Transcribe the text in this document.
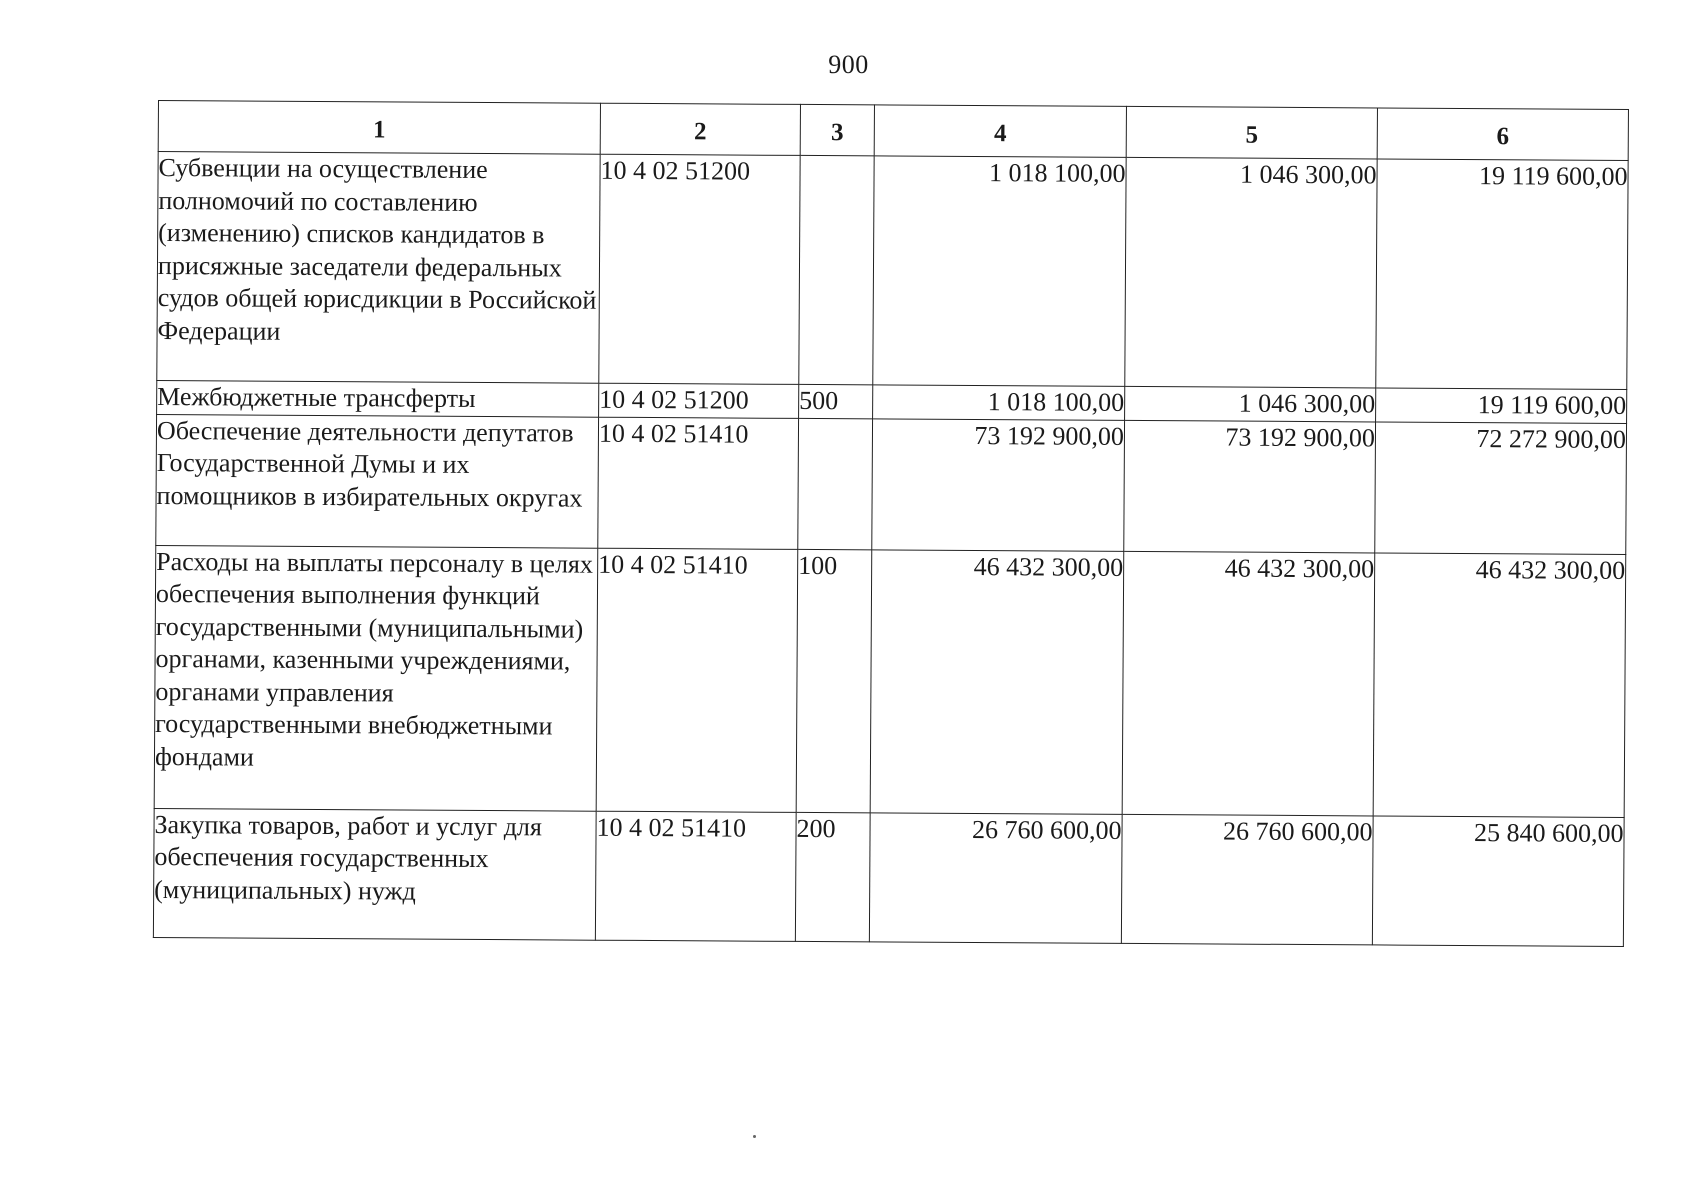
900
1	2	3	4	5	6
Субвенции на осуществление полномочий по составлению (изменению) списков кандидатов в присяжные заседатели федеральных судов общей юрисдикции в Российской Федерации	10 4 02 51200		1 018 100,00	1 046 300,00	19 119 600,00
Межбюджетные трансферты	10 4 02 51200	500	1 018 100,00	1 046 300,00	19 119 600,00
Обеспечение деятельности депутатов Государственной Думы и их помощников в избирательных округах	10 4 02 51410		73 192 900,00	73 192 900,00	72 272 900,00
Расходы на выплаты персоналу в целях обеспечения выполнения функций государственными (муниципальными) органами, казенными учреждениями, органами управления государственными внебюджетными фондами	10 4 02 51410	100	46 432 300,00	46 432 300,00	46 432 300,00
Закупка товаров, работ и услуг для обеспечения государственных (муниципальных) нужд	10 4 02 51410	200	26 760 600,00	26 760 600,00	25 840 600,00
